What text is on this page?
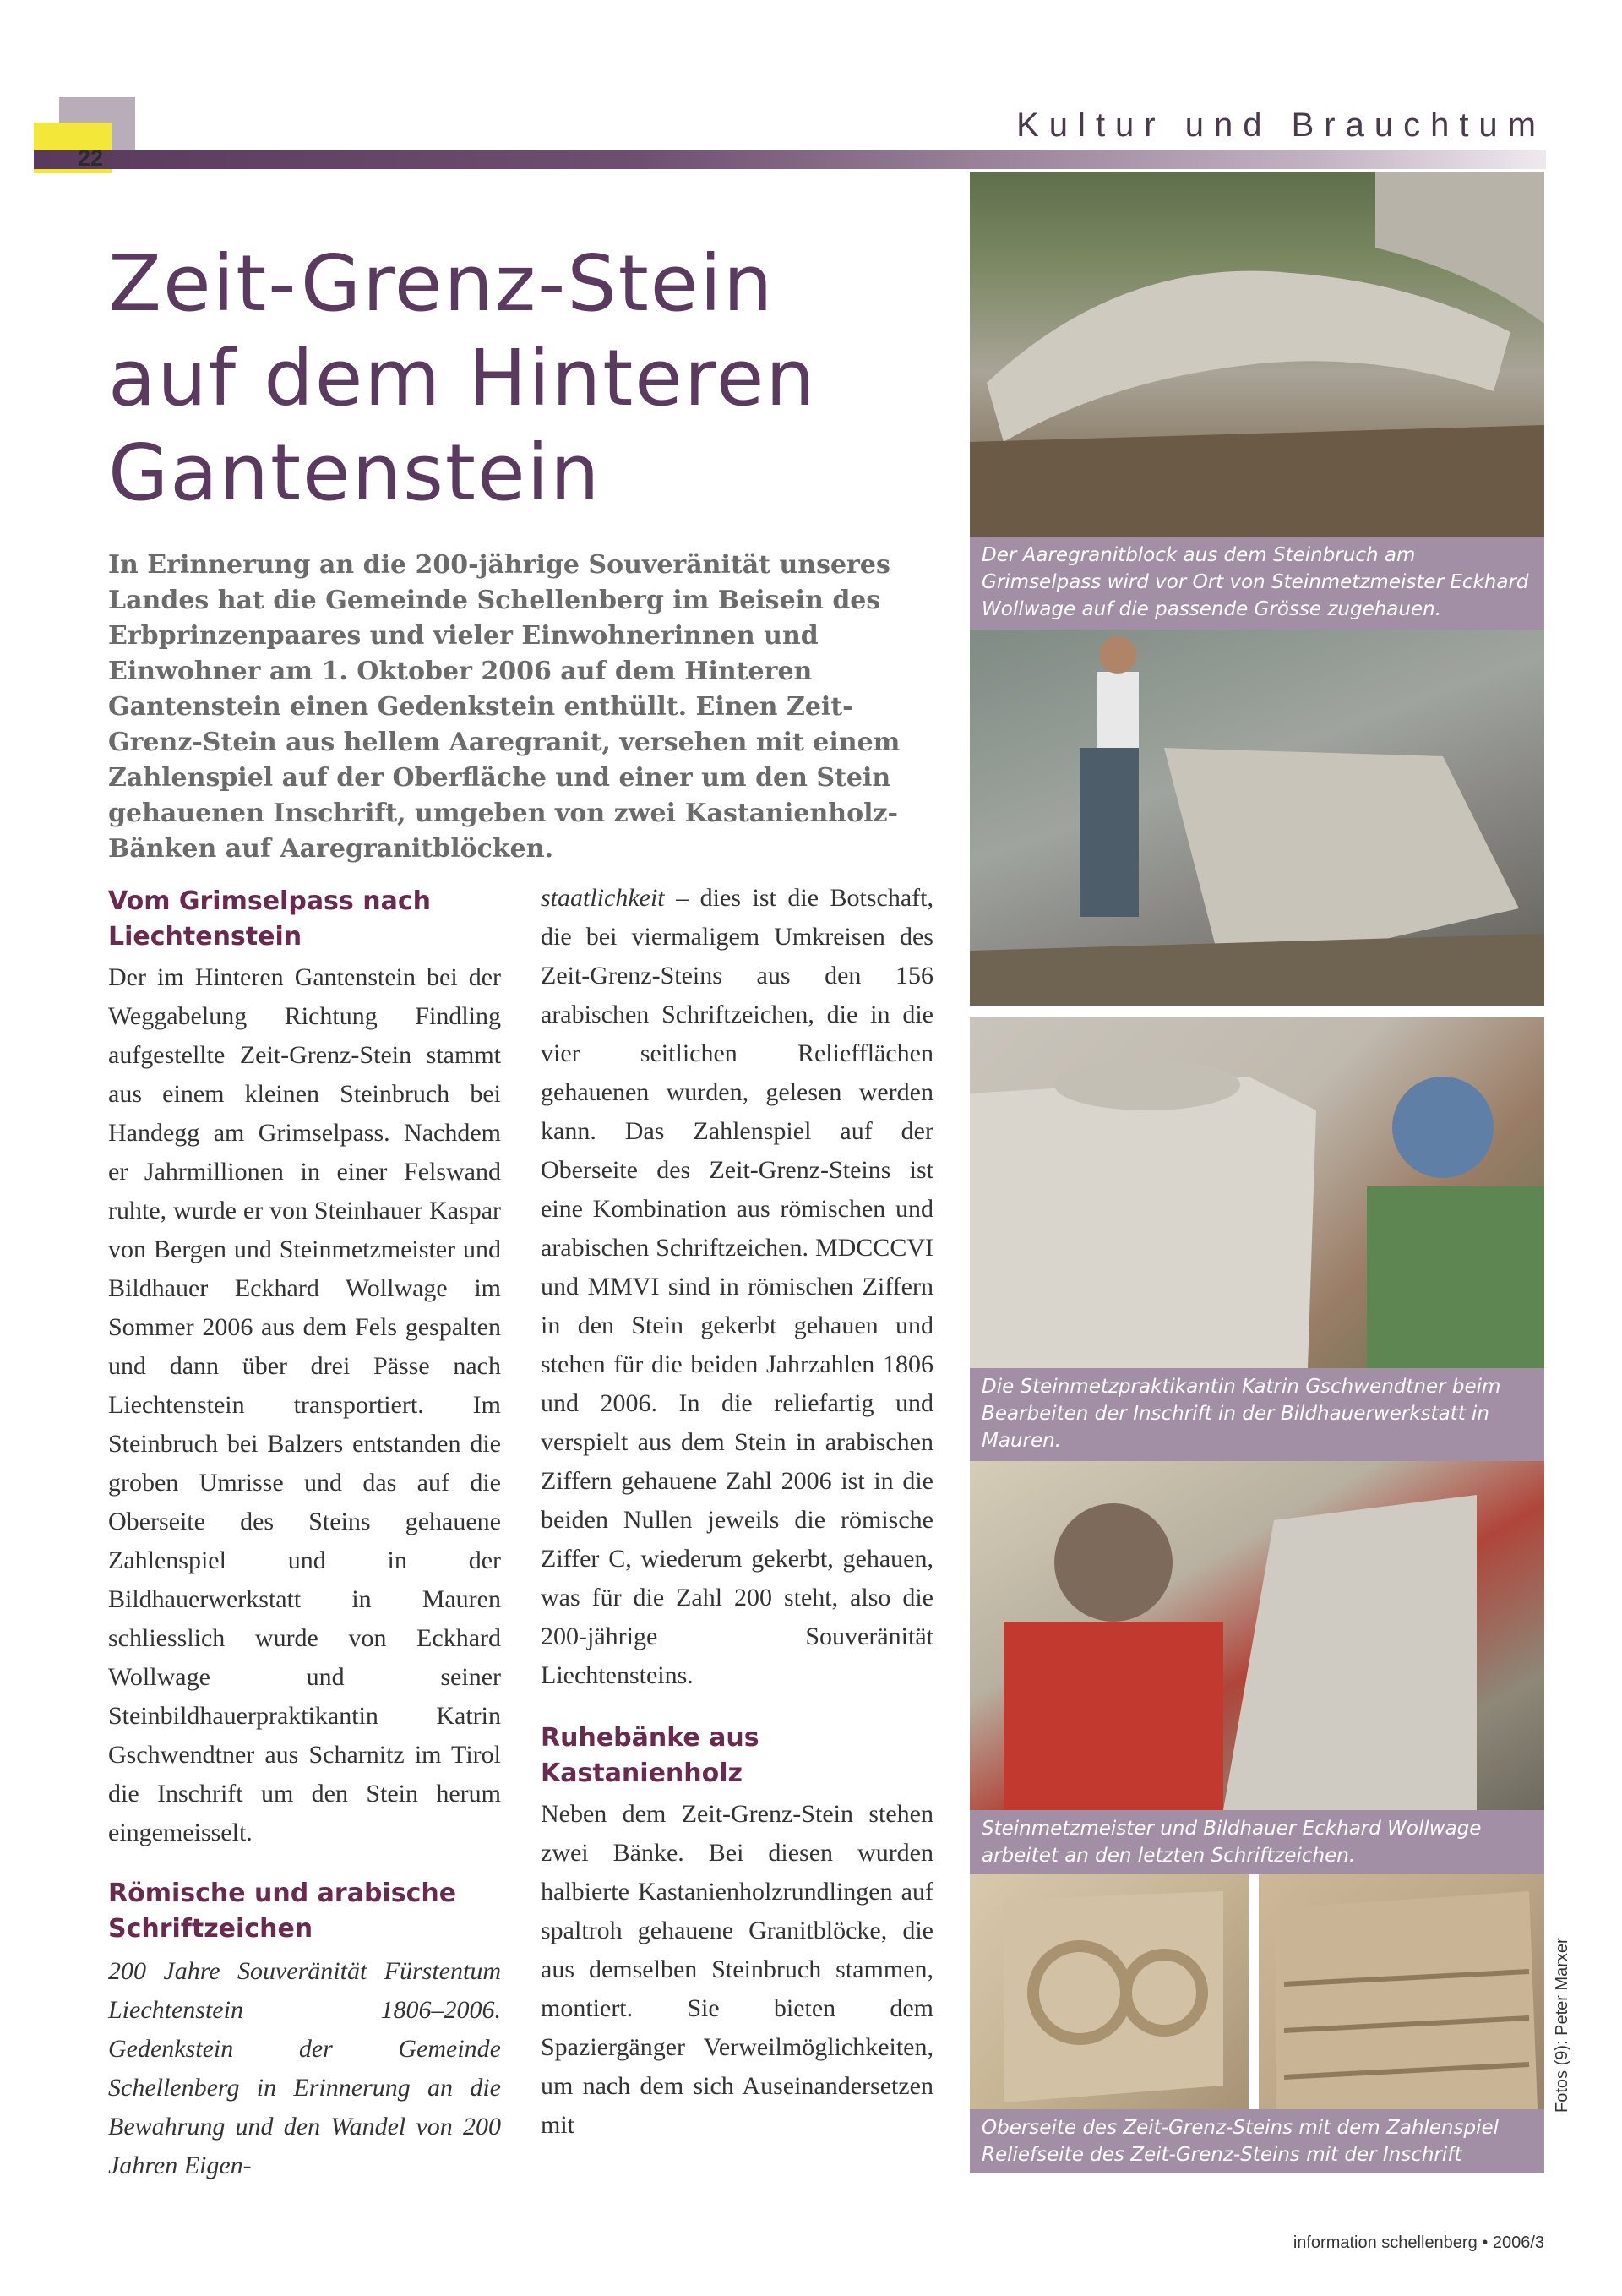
22
Kultur und Brauchtum
Zeit-Grenz-Stein
auf dem Hinteren
Gantenstein

In Erinnerung an die 200-jährige Souveränität unseres Landes hat die Gemeinde Schellenberg im Beisein des Erbprinzenpaares und vieler Einwohnerinnen und Einwohner am 1. Oktober 2006 auf dem Hinteren Gantenstein einen Gedenkstein enthüllt. Einen Zeit-Grenz-Stein aus hellem Aaregranit, versehen mit einem Zahlenspiel auf der Oberfläche und einer um den Stein gehauenen Inschrift, umgeben von zwei Kastanienholz-Bänken auf Aaregranitblöcken.

Vom Grimselpass nach Liechtenstein

Der im Hinteren Gantenstein bei der Weggabelung Richtung Findling aufgestellte Zeit-Grenz-Stein stammt aus einem kleinen Steinbruch bei Handegg am Grimselpass. Nachdem er Jahrmillionen in einer Felswand ruhte, wurde er von Steinhauer Kaspar von Bergen und Steinmetzmeister und Bildhauer Eckhard Wollwage im Sommer 2006 aus dem Fels gespalten und dann über drei Pässe nach Liechtenstein transportiert. Im Steinbruch bei Balzers entstanden die groben Umrisse und das auf die Oberseite des Steins gehauene Zahlenspiel und in der Bildhauerwerkstatt in Mauren schliesslich wurde von Eckhard Wollwage und seiner Steinbildhauerpraktikantin Katrin Gschwendtner aus Scharnitz im Tirol die Inschrift um den Stein herum eingemeisselt.

Römische und arabische Schriftzeichen

200 Jahre Souveränität Fürstentum Liechtenstein 1806–2006. Gedenkstein der Gemeinde Schellenberg in Erinnerung an die Bewahrung und den Wandel von 200 Jahren Eigen-

staatlichkeit – dies ist die Botschaft, die bei viermaligem Umkreisen des Zeit-Grenz-Steins aus den 156 arabischen Schriftzeichen, die in die vier seitlichen Reliefflächen gehauenen wurden, gelesen werden kann. Das Zahlenspiel auf der Oberseite des Zeit-Grenz-Steins ist eine Kombination aus römischen und arabischen Schriftzeichen. MDCCCVI und MMVI sind in römischen Ziffern in den Stein gekerbt gehauen und stehen für die beiden Jahrzahlen 1806 und 2006. In die reliefartig und verspielt aus dem Stein in arabischen Ziffern gehauene Zahl 2006 ist in die beiden Nullen jeweils die römische Ziffer C, wiederum gekerbt, gehauen, was für die Zahl 200 steht, also die 200-jährige Souveränität Liechtensteins.

Ruhebänke aus Kastanienholz

Neben dem Zeit-Grenz-Stein stehen zwei Bänke. Bei diesen wurden halbierte Kastanienholzrundlingen auf spaltroh gehauene Granitblöcke, die aus demselben Steinbruch stammen, montiert. Sie bieten dem Spaziergänger Verweilmöglichkeiten, um nach dem sich Auseinandersetzen mit

Der Aaregranitblock aus dem Steinbruch am Grimselpass wird vor Ort von Steinmetzmeister Eckhard Wollwage auf die passende Grösse zugehauen.
Die Steinmetzpraktikantin Katrin Gschwendtner beim Bearbeiten der Inschrift in der Bildhauerwerkstatt in Mauren.
Steinmetzmeister und Bildhauer Eckhard Wollwage arbeitet an den letzten Schriftzeichen.
Oberseite des Zeit-Grenz-Steins mit dem Zahlenspiel
Reliefseite des Zeit-Grenz-Steins mit der Inschrift
Fotos (9): Peter Marxer
information schellenberg • 2006/3
